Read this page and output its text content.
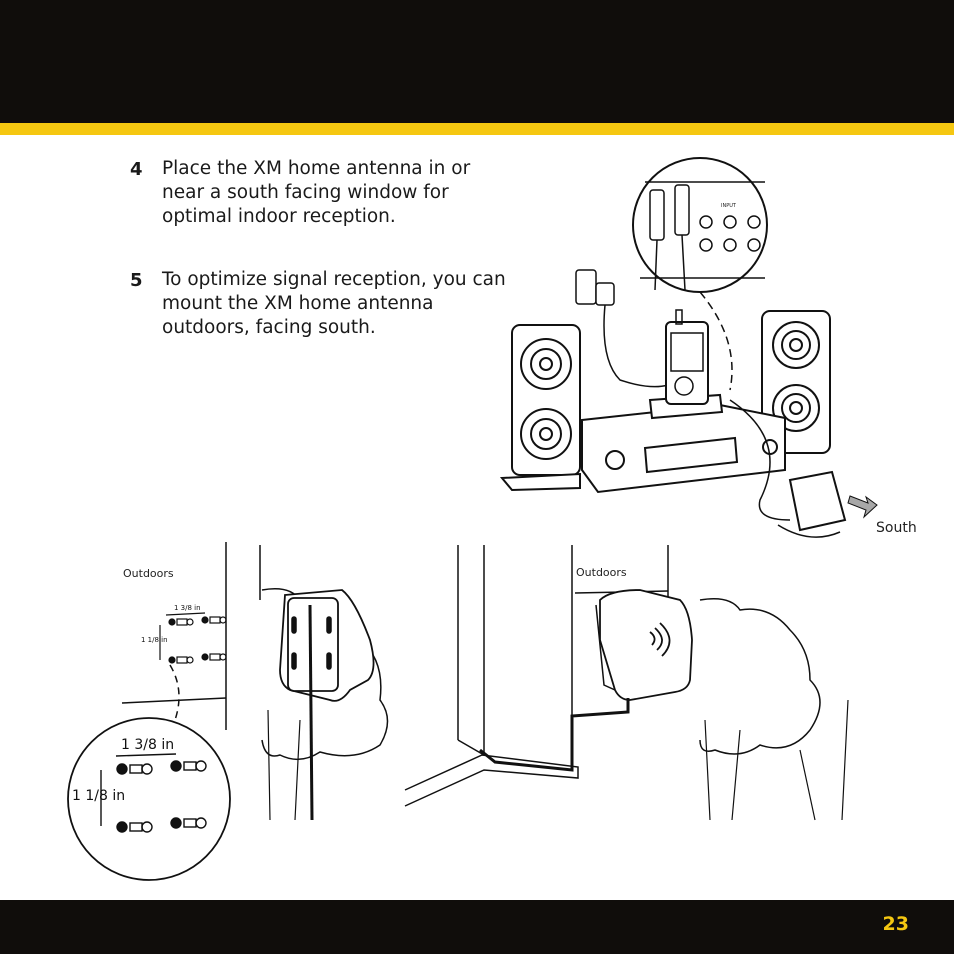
4 Place the XM home antenna in or near a south facing window for optimal indoor reception.
5 To optimize signal reception, you can mount the XM home antenna outdoors, facing south.
South
INPUT
Outdoors
1 3/8 in
1 1/8 in
1 3/8 in
1 1/8 in
Outdoors
23
